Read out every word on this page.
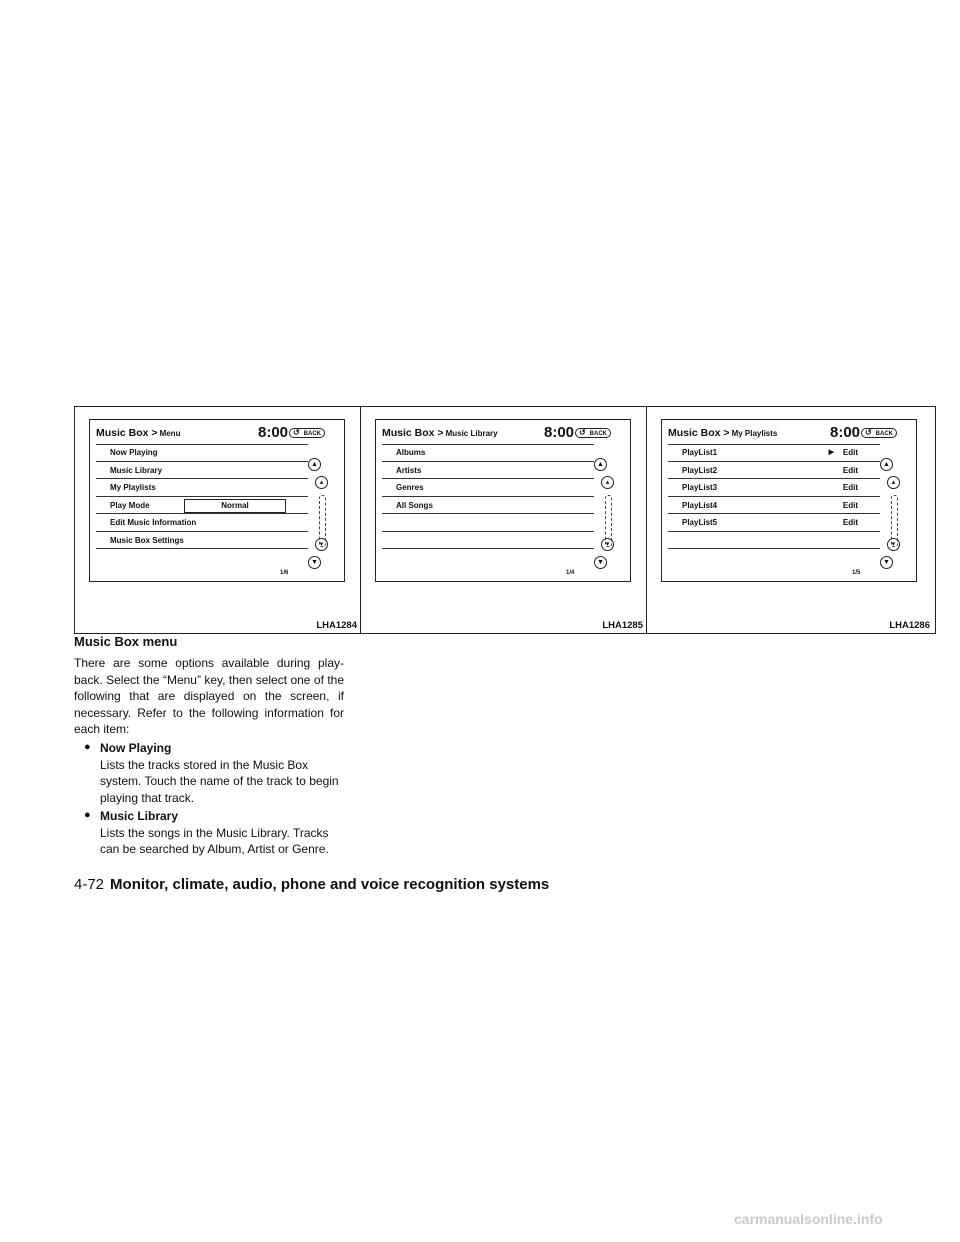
Music Box > Menu	8:00	↺ BACK
Now Playing
Music Library
My Playlists
Play Mode	Normal
Edit Music Information
Music Box Settings
▲
▴
▾
▼
1/6
LHA1284
Music Box > Music Library	8:00	↺ BACK
Albums
Artists
Genres
All Songs
▲
▴
▾
▼
1/4
LHA1285
Music Box > My Playlists	8:00	↺ BACK
PlayList1	▶ Edit
PlayList2	Edit
PlayList3	Edit
PlayList4	Edit
PlayList5	Edit
▲
▴
▾
▼
1/5
LHA1286
Music Box menu
There are some options available during play-back. Select the “Menu” key, then select one of the following that are displayed on the screen, if necessary. Refer to the following information for each item:
● Now Playing
Lists the tracks stored in the Music Box system. Touch the name of the track to begin playing that track.
● Music Library
Lists the songs in the Music Library. Tracks can be searched by Album, Artist or Genre.
4-72 Monitor, climate, audio, phone and voice recognition systems
carmanualsonline.info
